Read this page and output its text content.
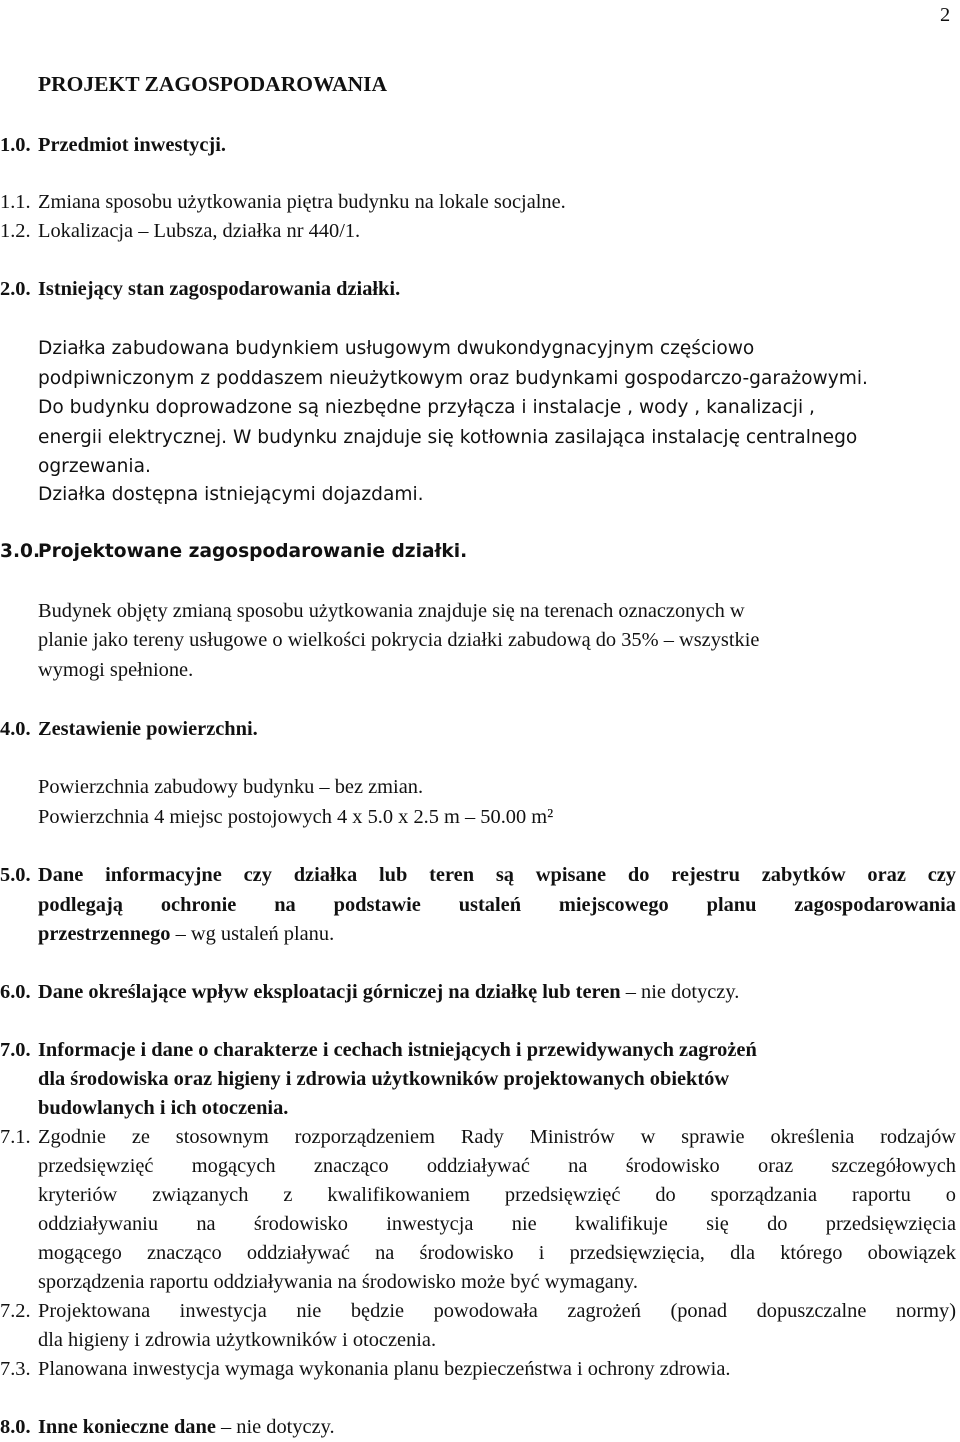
2
PROJEKT ZAGOSPODAROWANIA
1.0. Przedmiot inwestycji.
1.1. Zmiana sposobu użytkowania piętra budynku na lokale socjalne.
1.2. Lokalizacja – Lubsza, działka nr 440/1.
2.0. Istniejący stan zagospodarowania działki.
Działka zabudowana budynkiem usługowym dwukondygnacyjnym częściowo
podpiwniczonym z poddaszem nieużytkowym oraz budynkami gospodarczo-garażowymi.
Do budynku doprowadzone są niezbędne przyłącza i instalacje , wody , kanalizacji ,
energii elektrycznej. W budynku znajduje się kotłownia zasilająca instalację centralnego
ogrzewania.
Działka dostępna istniejącymi dojazdami.
3.0.
Projektowane zagospodarowanie działki.
Budynek objęty zmianą sposobu użytkowania znajduje się na terenach oznaczonych w
planie jako tereny usługowe o wielkości pokrycia działki zabudową do 35% – wszystkie
wymogi spełnione.
4.0. Zestawienie powierzchni.
Powierzchnia zabudowy budynku – bez zmian.
Powierzchnia 4 miejsc postojowych 4 x 5.0 x 2.5 m – 50.00 m²
5.0. Dane informacyjne czy działka lub teren są wpisane do rejestru zabytków oraz czy
podlegają ochronie na podstawie ustaleń miejscowego planu zagospodarowania
przestrzennego – wg ustaleń planu.
6.0. Dane określające wpływ eksploatacji górniczej na działkę lub teren – nie dotyczy.
7.0. Informacje i dane o charakterze i cechach istniejących i przewidywanych zagrożeń
dla środowiska oraz higieny i zdrowia użytkowników projektowanych obiektów
budowlanych i ich otoczenia.
7.1. Zgodnie ze stosownym rozporządzeniem Rady Ministrów w sprawie określenia rodzajów
przedsięwzięć mogących znacząco oddziaływać na środowisko oraz szczegółowych
kryteriów związanych z kwalifikowaniem przedsięwzięć do sporządzania raportu o
oddziaływaniu na środowisko inwestycja nie kwalifikuje się do przedsięwzięcia
mogącego znacząco oddziaływać na środowisko i przedsięwzięcia, dla którego obowiązek
sporządzenia raportu oddziaływania na środowisko może być wymagany.
7.2. Projektowana inwestycja nie będzie powodowała zagrożeń (ponad dopuszczalne normy)
dla higieny i zdrowia użytkowników i otoczenia.
7.3. Planowana inwestycja wymaga wykonania planu bezpieczeństwa i ochrony zdrowia.
8.0. Inne konieczne dane – nie dotyczy.
